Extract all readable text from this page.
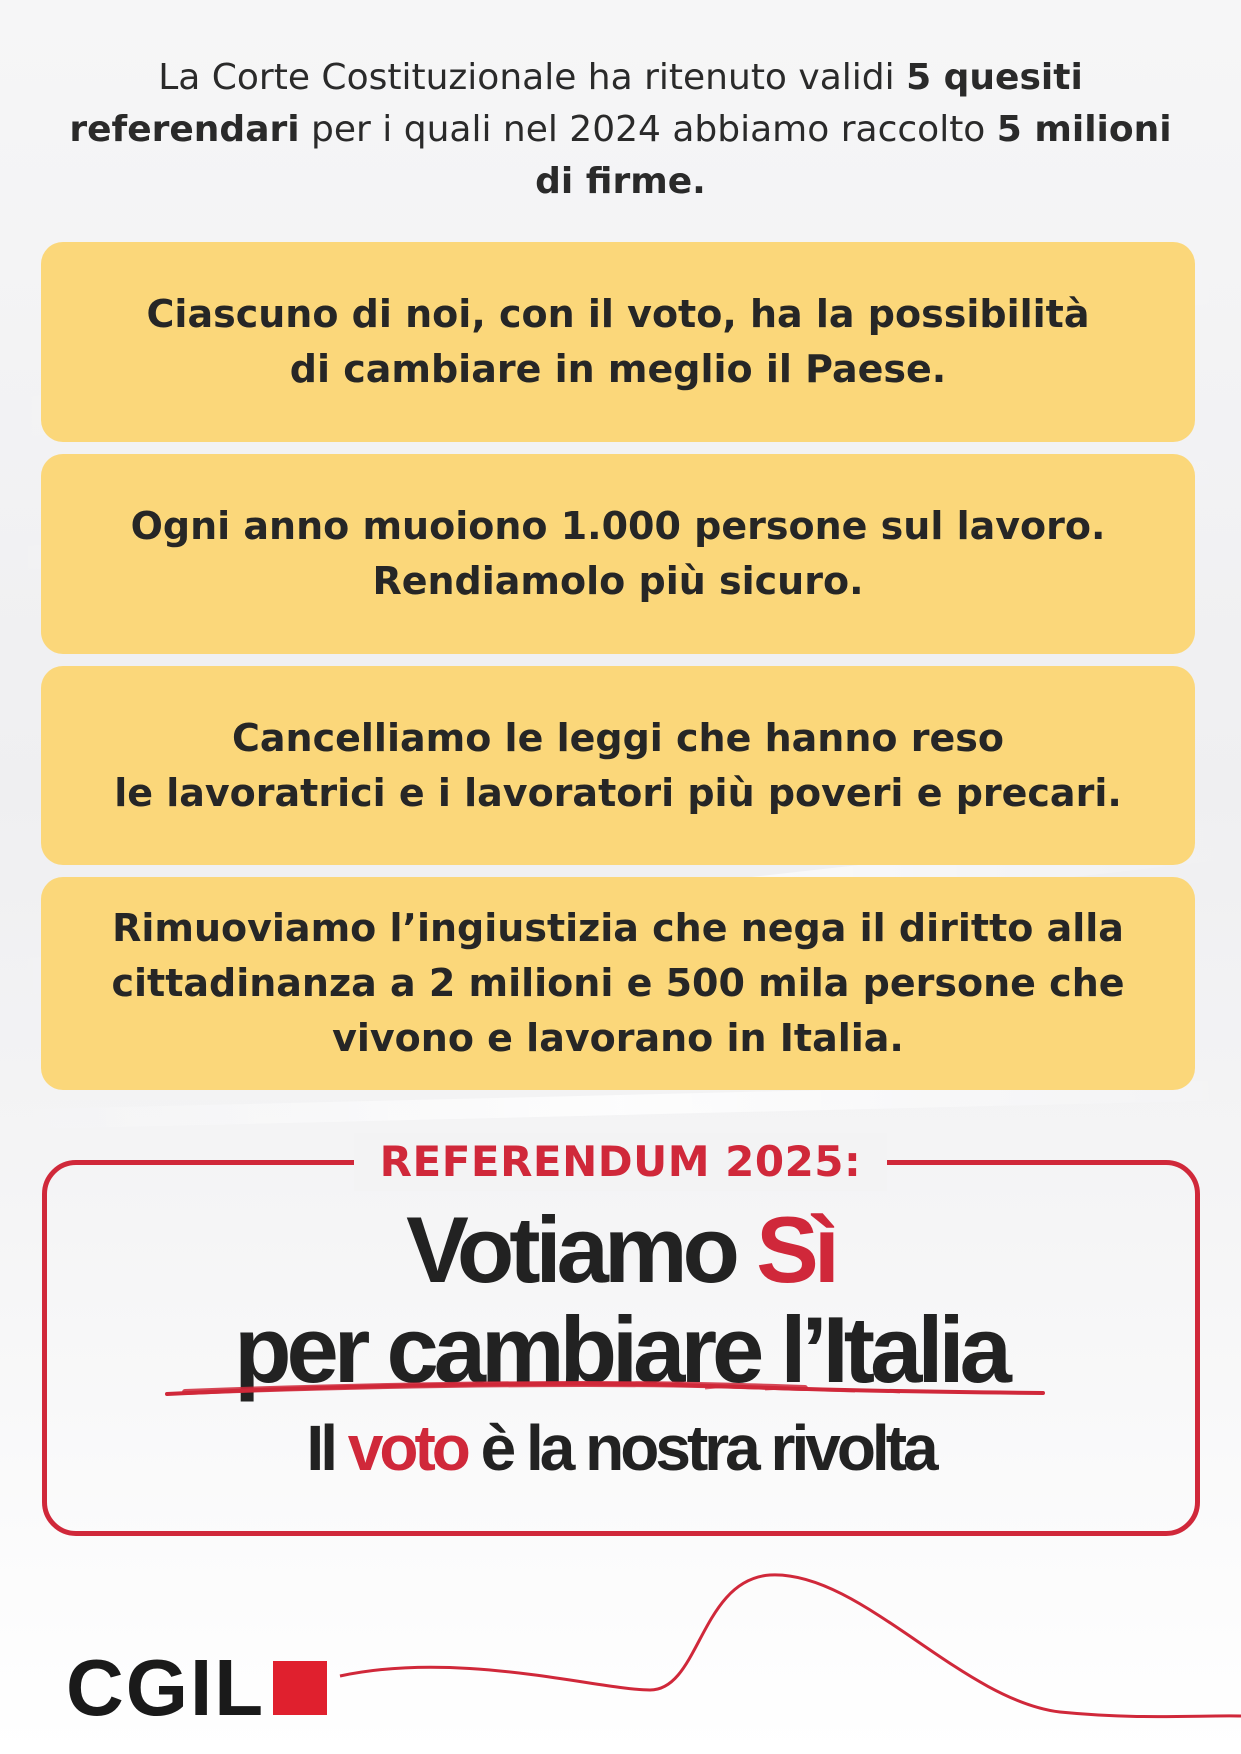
La Corte Costituzionale ha ritenuto validi 5 quesiti referendari per i quali nel 2024 abbiamo raccolto 5 milioni di firme.
Ciascuno di noi, con il voto, ha la possibilità
di cambiare in meglio il Paese.
Ogni anno muoiono 1.000 persone sul lavoro.
Rendiamolo più sicuro.
Cancelliamo le leggi che hanno reso
le lavoratrici e i lavoratori più poveri e precari.
Rimuoviamo l’ingiustizia che nega il diritto alla
cittadinanza a 2 milioni e 500 mila persone che
vivono e lavorano in Italia.
REFERENDUM 2025:
Votiamo Sì
per cambiare l’Italia
Il voto è la nostra rivolta
CGIL
